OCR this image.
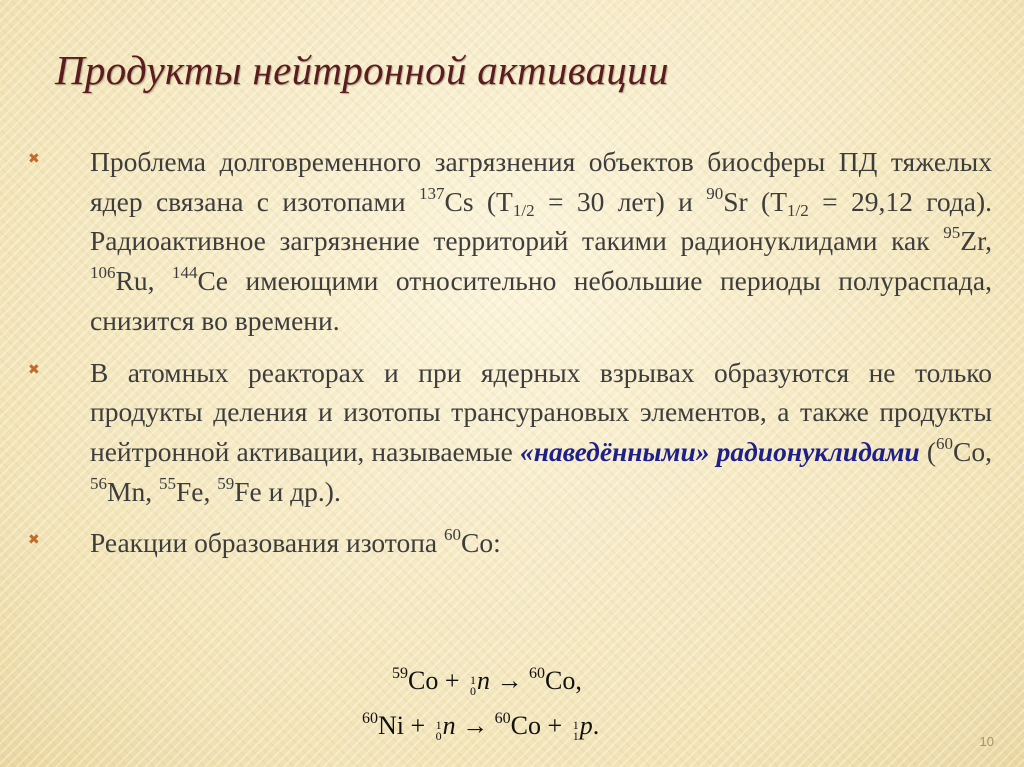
Продукты нейтронной активации
✖ Проблема долговременного загрязнения объектов биосферы ПД тяжелых ядер связана с изотопами $^{137}$Cs ($T_{1/2} = 30$ лет) и $^{90}$Sr ($T_{1/2} = 29,12$ года). Радиоактивное загрязнение территорий такими радионуклидами как $^{95}$Zr, $^{106}$Ru, $^{144}$Ce имеющими относительно небольшие периоды полураспада, снизится во времени.

✖ В атомных реакторах и при ядерных взрывах образуются не только продукты деления и изотопы трансурановых элементов, а также продукты нейтронной активации, называемые «наведёнными» радионуклидами ($^{60}$Co, $^{56}$Mn, $^{55}$Fe, $^{59}$Fe и др.).

✖ Реакции образования изотопа $^{60}$Co:

$^{59}$Co + 1
0 n → $^{60}$Co,
$^{60}$Ni + 1
0 n → $^{60}$Co + 1
1 p.
10
